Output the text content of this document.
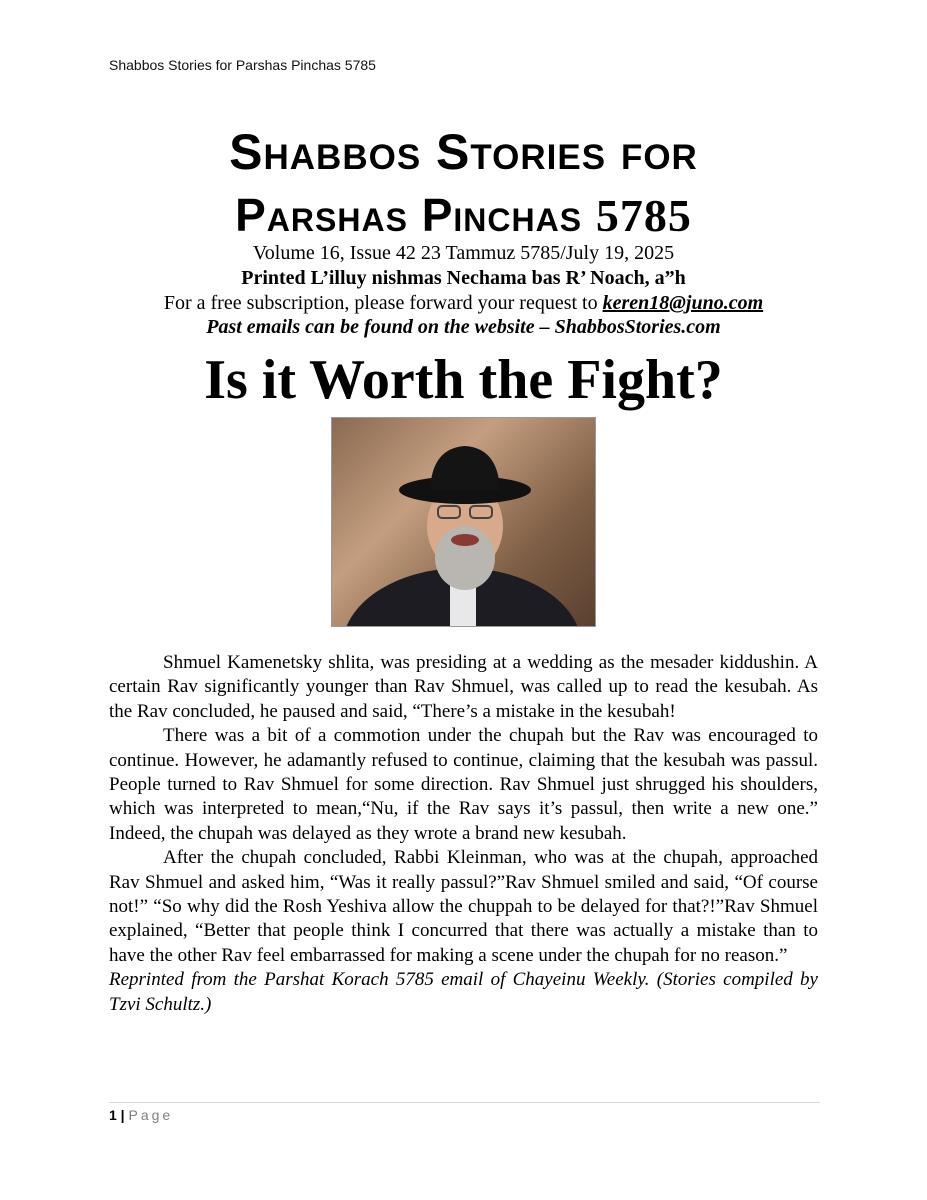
Shabbos Stories for Parshas Pinchas 5785
Shabbos Stories for
Parshas Pinchas 5785
Volume 16, Issue 42 23 Tammuz 5785/July 19, 2025
Printed L’illuy nishmas Nechama bas R’ Noach, a”h
For a free subscription, please forward your request to keren18@juno.com
Past emails can be found on the website – ShabbosStories.com
Is it Worth the Fight?

Shmuel Kamenetsky shlita, was presiding at a wedding as the mesader kiddushin. A certain Rav significantly younger than Rav Shmuel, was called up to read the kesubah. As the Rav concluded, he paused and said, “There’s a mistake in the kesubah!

There was a bit of a commotion under the chupah but the Rav was encouraged to continue. However, he adamantly refused to continue, claiming that the kesubah was passul. People turned to Rav Shmuel for some direction. Rav Shmuel just shrugged his shoulders, which was interpreted to mean,“Nu, if the Rav says it’s passul, then write a new one.” Indeed, the chupah was delayed as they wrote a brand new kesubah.

After the chupah concluded, Rabbi Kleinman, who was at the chupah, approached Rav Shmuel and asked him, “Was it really passul?”Rav Shmuel smiled and said, “Of course not!” “So why did the Rosh Yeshiva allow the chuppah to be delayed for that?!”Rav Shmuel explained, “Better that people think I concurred that there was actually a mistake than to have the other Rav feel embarrassed for making a scene under the chupah for no reason.”

Reprinted from the Parshat Korach 5785 email of Chayeinu Weekly. (Stories compiled by Tzvi Schultz.)

1 | Page
